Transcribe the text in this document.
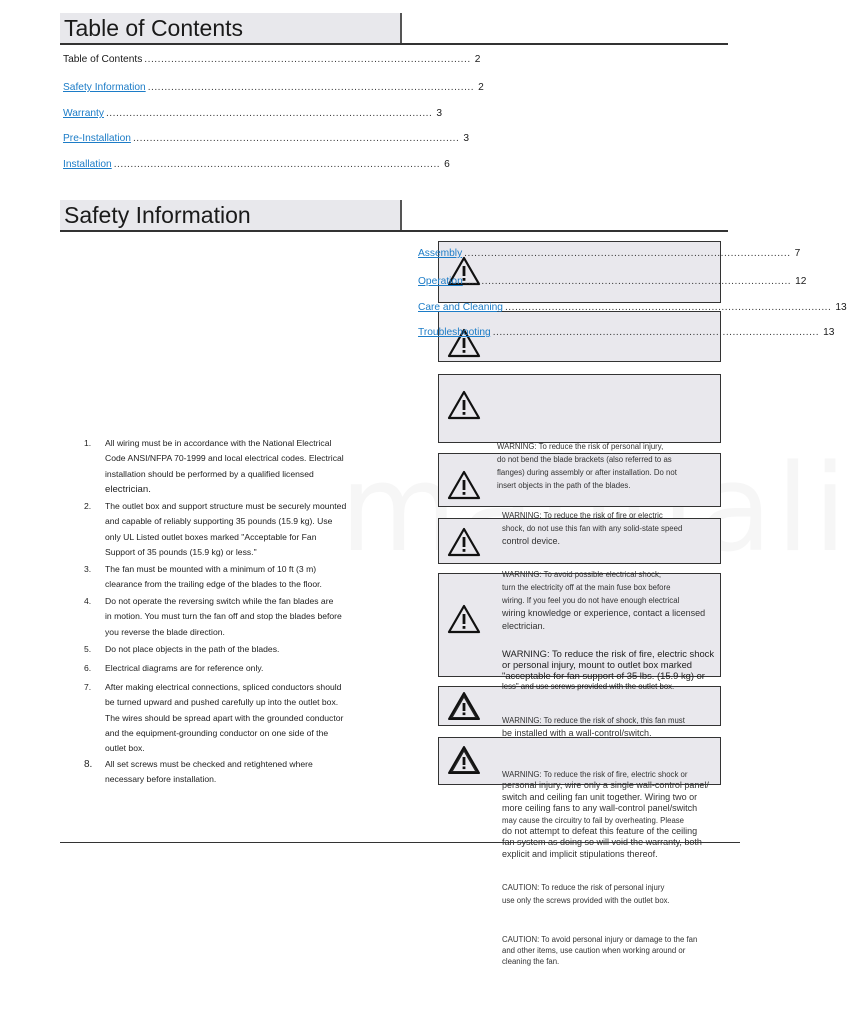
Table of Contents
Table of Contents .................................................................................................. 2
Safety Information .................................................................................................. 2
Warranty .................................................................................................. 3
Pre-Installation .................................................................................................. 3
Installation .................................................................................................. 6
Safety Information
Assembly .................................................................................................. 7
Operation .................................................................................................. 12
Care and Cleaning .................................................................................................. 13
Troubleshooting .................................................................................................. 13
1. All wiring must be in accordance with the National Electrical
Code ANSI/NFPA 70-1999 and local electrical codes. Electrical
installation should be performed by a qualified licensed
electrician.
2. The outlet box and support structure must be securely mounted
and capable of reliably supporting 35 pounds (15.9 kg). Use
only UL Listed outlet boxes marked "Acceptable for Fan
Support of 35 pounds (15.9 kg) or less."
3. The fan must be mounted with a minimum of 10 ft (3 m)
clearance from the trailing edge of the blades to the floor.
4. Do not operate the reversing switch while the fan blades are
in motion. You must turn the fan off and stop the blades before
you reverse the blade direction.
5. Do not place objects in the path of the blades.
6. Electrical diagrams are for reference only.
7. After making electrical connections, spliced conductors should
be turned upward and pushed carefully up into the outlet box.
The wires should be spread apart with the grounded conductor
and the equipment-grounding conductor on one side of the
outlet box.
8. All set screws must be checked and retightened where
necessary before installation.
WARNING: To reduce the risk of personal injury,
do not bend the blade brackets (also referred to as
flanges) during assembly or after installation. Do not
insert objects in the path of the blades.
WARNING: To reduce the risk of fire or electric
shock, do not use this fan with any solid-state speed
control device.
WARNING: To avoid possible electrical shock,
turn the electricity off at the main fuse box before
wiring. If you feel you do not have enough electrical
wiring knowledge or experience, contact a licensed
electrician.
WARNING: To reduce the risk of fire, electric shock
or personal injury, mount to outlet box marked
"acceptable for fan support of 35 lbs. (15.9 kg) or
less" and use screws provided with the outlet box.
WARNING: To reduce the risk of shock, this fan must
be installed with a wall-control/switch.
WARNING: To reduce the risk of fire, electric shock or
personal injury, wire only a single wall-control panel/
switch and ceiling fan unit together. Wiring two or
more ceiling fans to any wall-control panel/switch
may cause the circuitry to fail by overheating. Please
do not attempt to defeat this feature of the ceiling
fan system as doing so will void the warranty, both
explicit and implicit stipulations thereof.
CAUTION: To reduce the risk of personal injury
use only the screws provided with the outlet box.
CAUTION: To avoid personal injury or damage to the fan
and other items, use caution when working around or
cleaning the fan.
